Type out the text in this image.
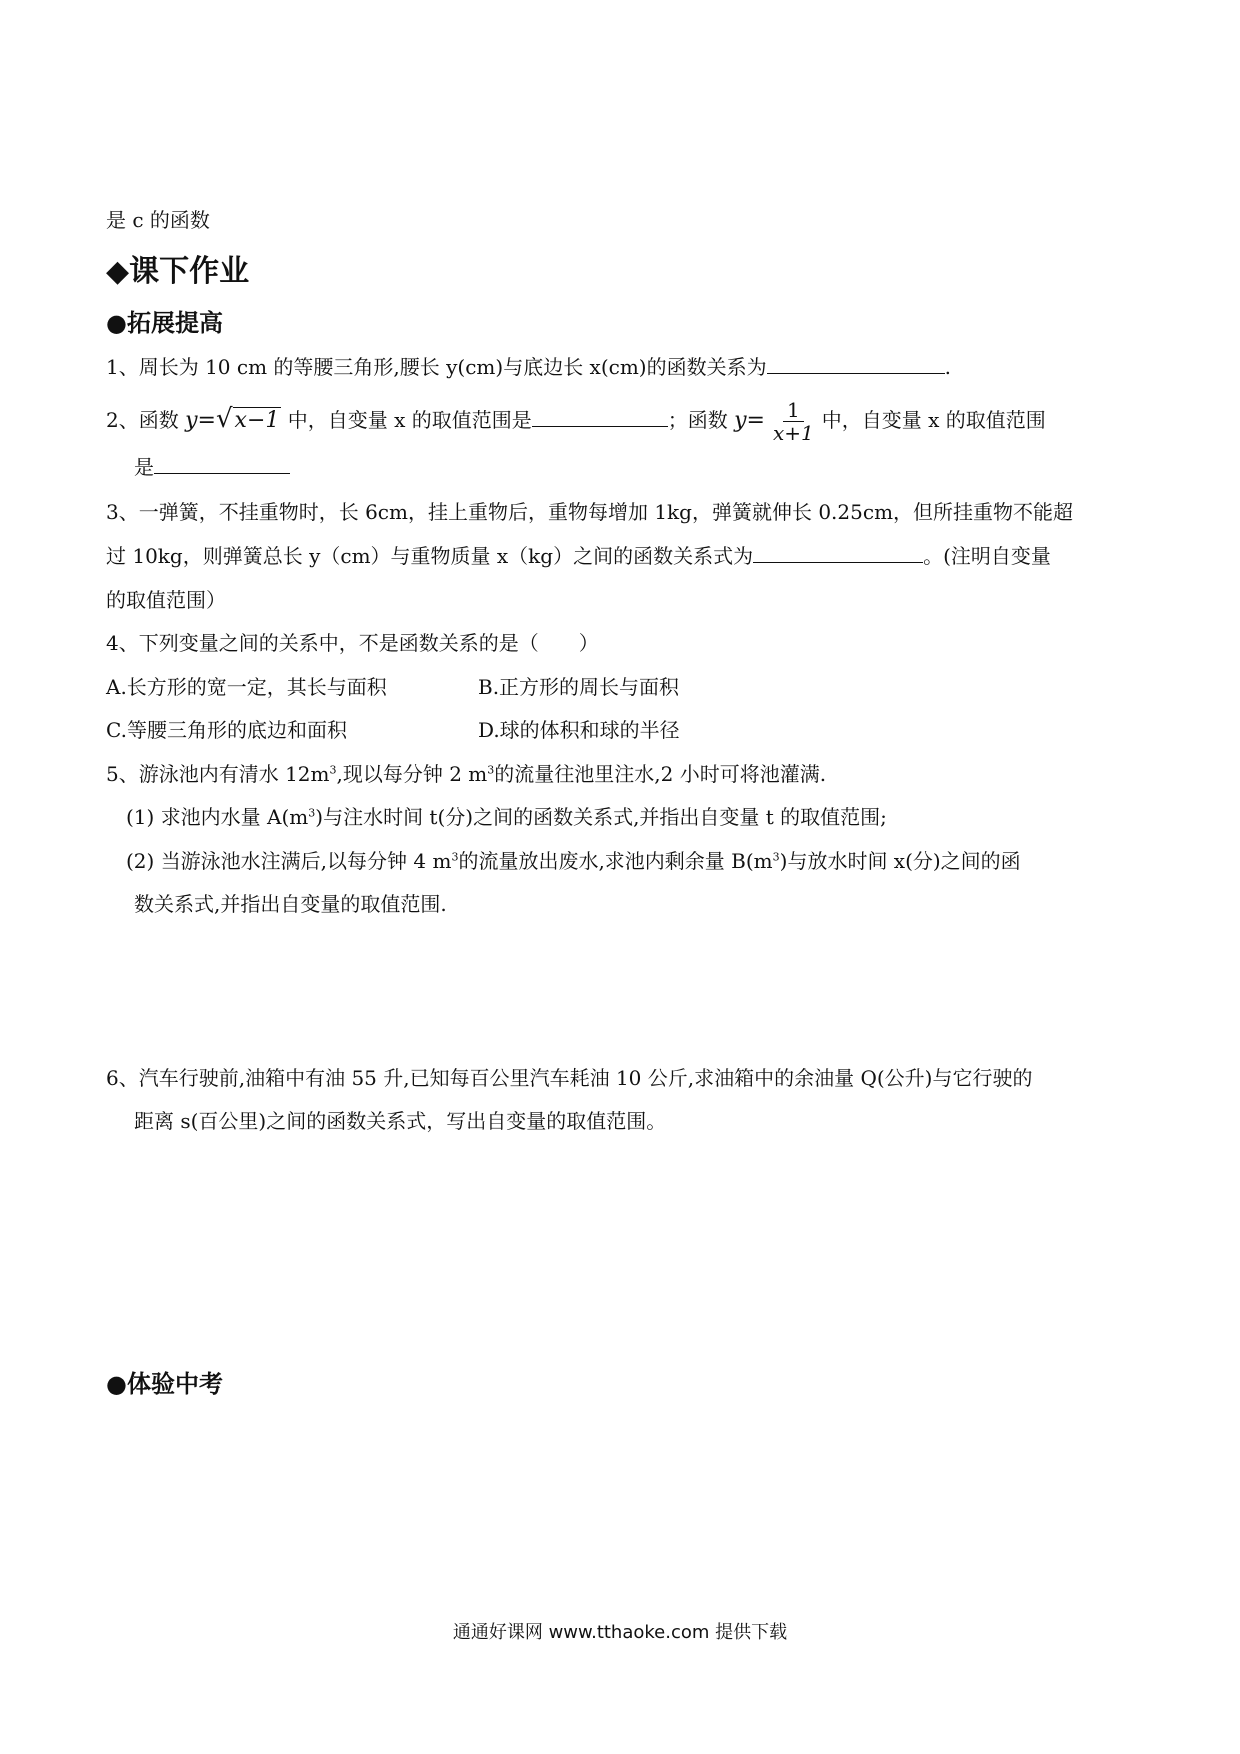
是 c 的函数
◆课下作业
●拓展提高
1、周长为 10 cm 的等腰三角形,腰长 y(cm)与底边长 x(cm)的函数关系为	.
2、函数 y=√x−1 中，自变量 x 的取值范围是	；函数 $y= \frac{1}{x+1}$ 中，自变量 x 的取值范围
是
3、一弹簧，不挂重物时，长 6cm，挂上重物后，重物每增加 1kg，弹簧就伸长 0.25cm，但所挂重物不能超
过 10kg，则弹簧总长 y（cm）与重物质量 x（kg）之间的函数关系式为	。(注明自变量
的取值范围）
4、下列变量之间的关系中，不是函数关系的是（　　）
A.长方形的宽一定，其长与面积	B.正方形的周长与面积
C.等腰三角形的底边和面积	D.球的体积和球的半径
5、游泳池内有清水 $12m^3$,现以每分钟 2 $m^3$的流量往池里注水,2 小时可将池灌满.
(1) 求池内水量 $A(m^3)$与注水时间 t(分)之间的函数关系式,并指出自变量 t 的取值范围;
(2) 当游泳池水注满后,以每分钟 4 $m^3$的流量放出废水,求池内剩余量 $B(m^3)$与放水时间 x(分)之间的函
数关系式,并指出自变量的取值范围.
6、汽车行驶前,油箱中有油 55 升,已知每百公里汽车耗油 10 公斤,求油箱中的余油量 Q(公升)与它行驶的
距离 s(百公里)之间的函数关系式，写出自变量的取值范围。
●体验中考
通通好课网 www.tthaoke.com 提供下载
